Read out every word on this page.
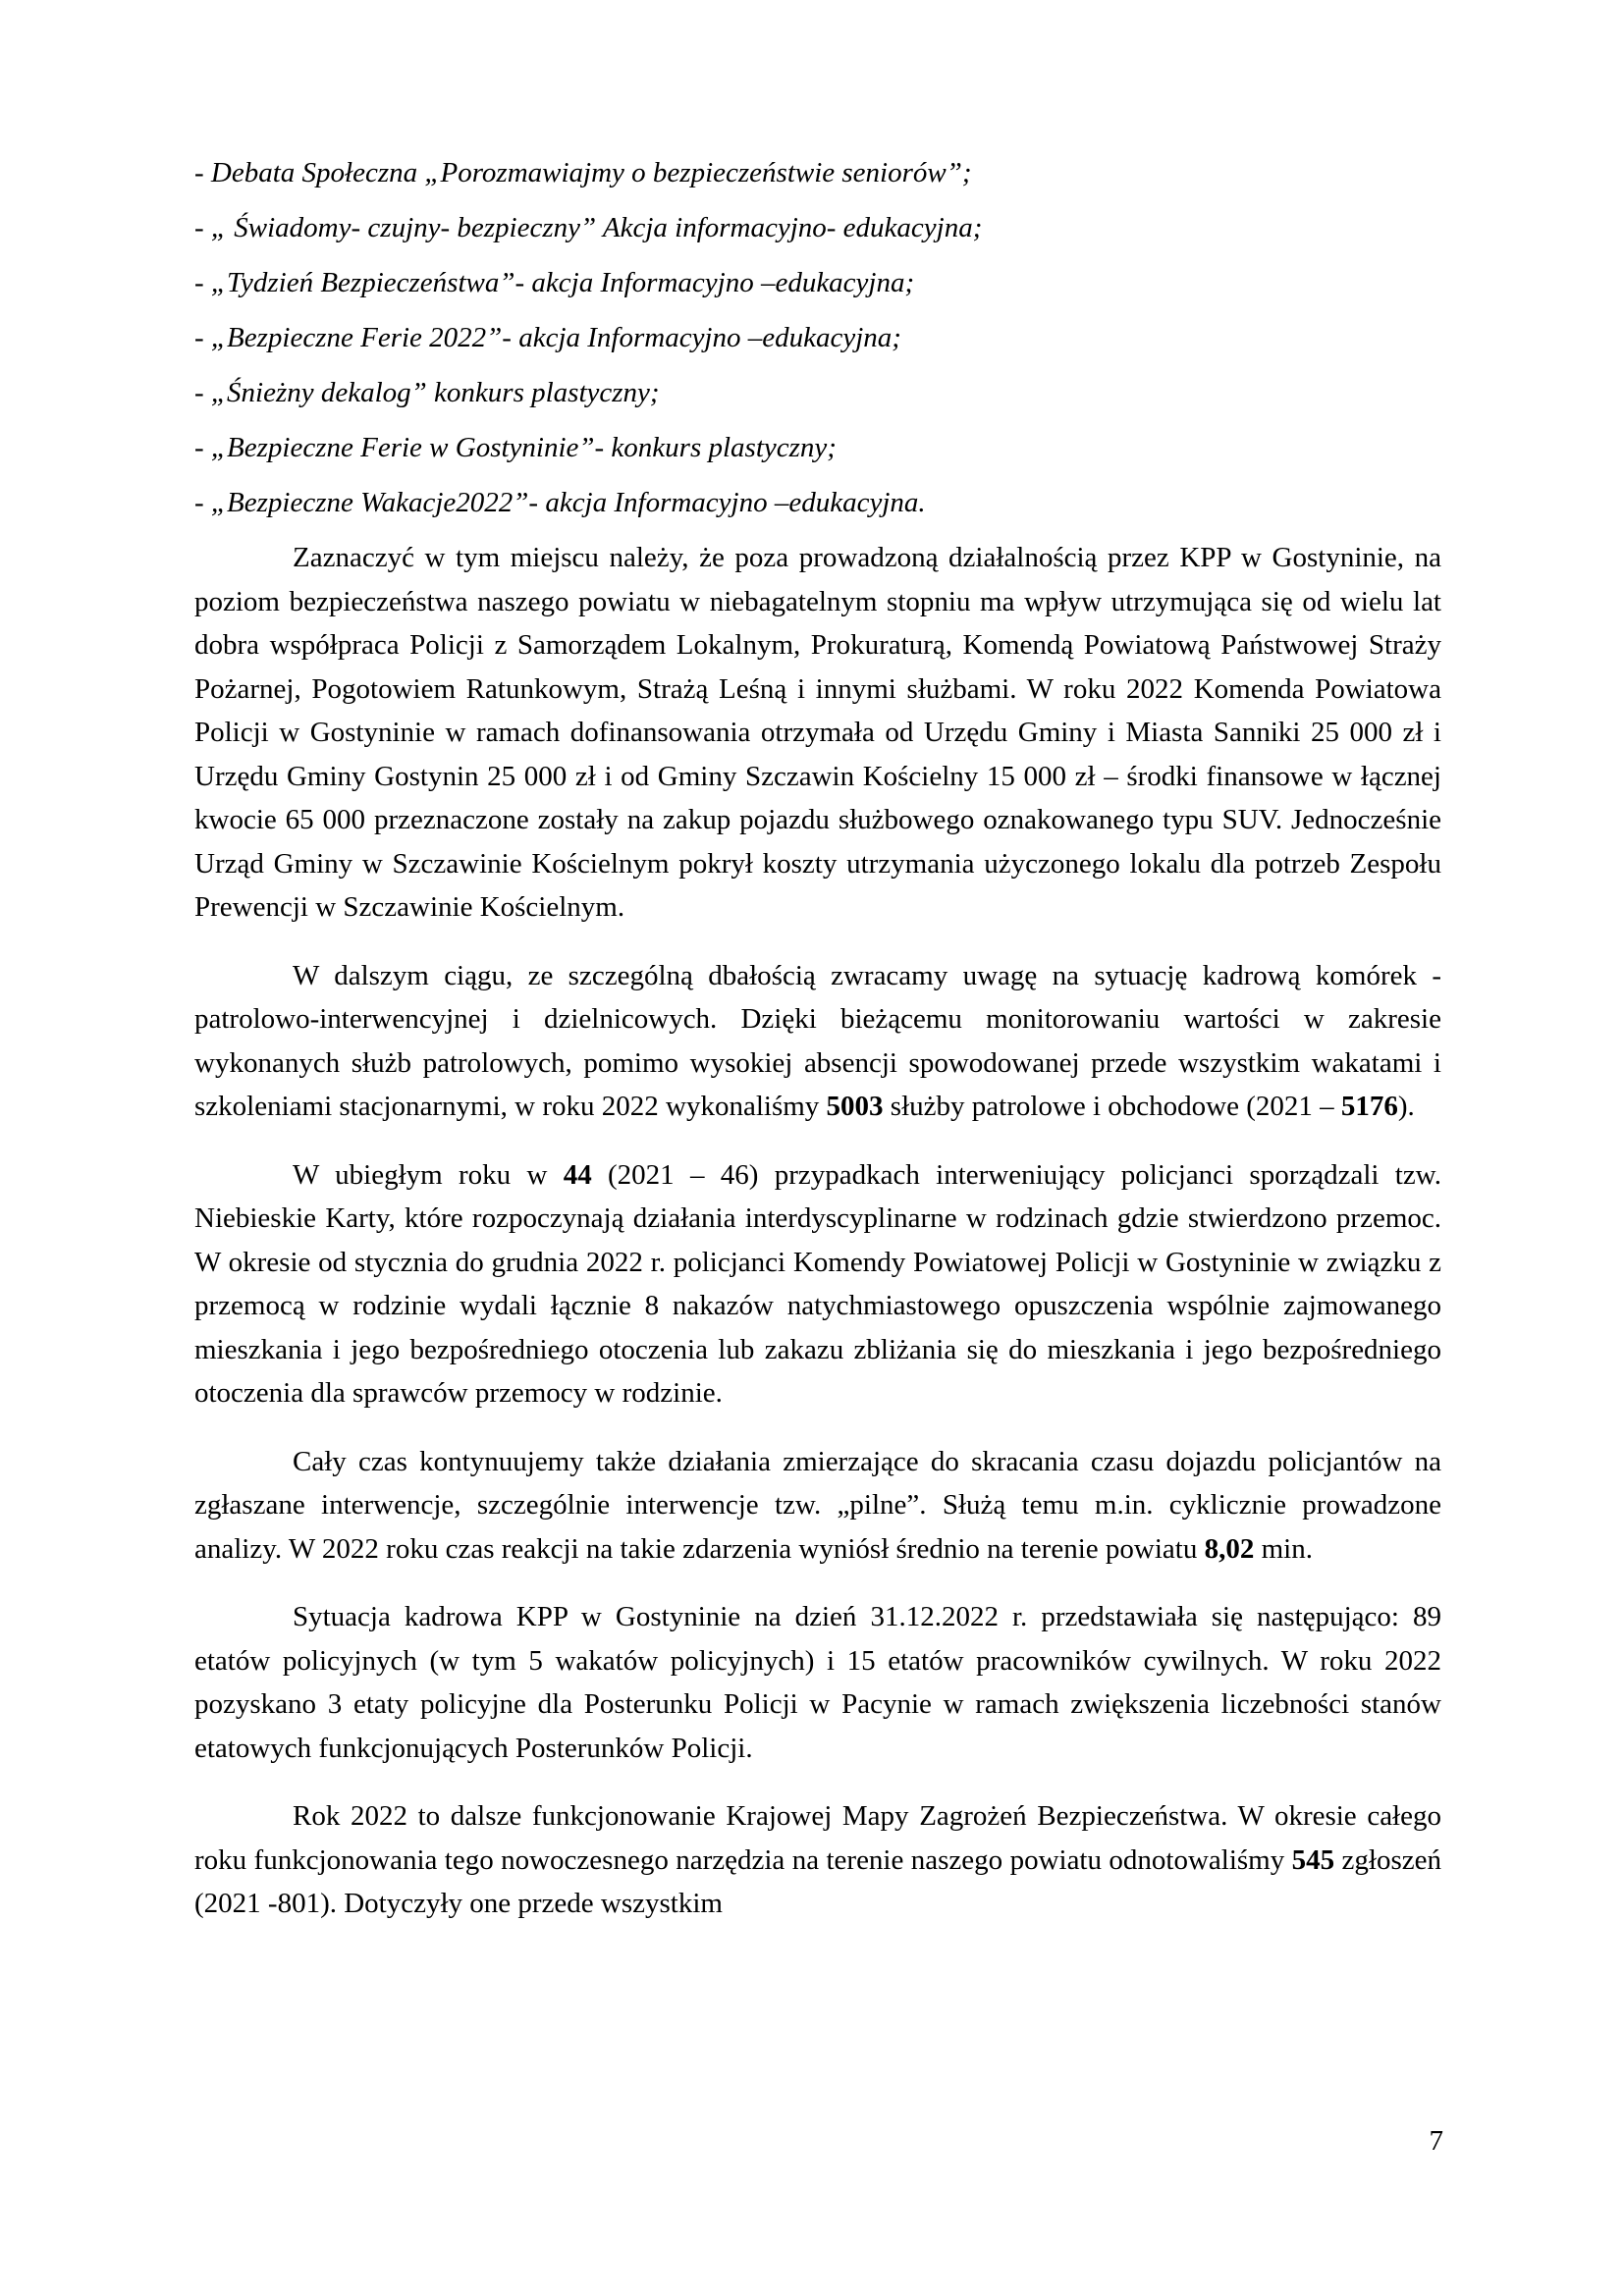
- Debata Społeczna „Porozmawiajmy o bezpieczeństwie seniorów”;
- „ Świadomy- czujny- bezpieczny” Akcja informacyjno- edukacyjna;
- „Tydzień Bezpieczeństwa”- akcja Informacyjno –edukacyjna;
- „Bezpieczne Ferie 2022”- akcja Informacyjno –edukacyjna;
- „Śnieżny dekalog” konkurs plastyczny;
- „Bezpieczne Ferie w Gostyninie”- konkurs plastyczny;
- „Bezpieczne Wakacje2022”- akcja Informacyjno –edukacyjna.

Zaznaczyć w tym miejscu należy, że poza prowadzoną działalnością przez KPP w Gostyninie, na poziom bezpieczeństwa naszego powiatu w niebagatelnym stopniu ma wpływ utrzymująca się od wielu lat dobra współpraca Policji z Samorządem Lokalnym, Prokuraturą, Komendą Powiatową Państwowej Straży Pożarnej, Pogotowiem Ratunkowym, Strażą Leśną i innymi służbami. W roku 2022 Komenda Powiatowa Policji w Gostyninie w ramach dofinansowania otrzymała od Urzędu Gminy i Miasta Sanniki 25 000 zł i Urzędu Gminy Gostynin 25 000 zł i od Gminy Szczawin Kościelny 15 000 zł – środki finansowe w łącznej kwocie 65 000 przeznaczone zostały na zakup pojazdu służbowego oznakowanego typu SUV. Jednocześnie Urząd Gminy w Szczawinie Kościelnym pokrył koszty utrzymania użyczonego lokalu dla potrzeb Zespołu Prewencji w Szczawinie Kościelnym.

W dalszym ciągu, ze szczególną dbałością zwracamy uwagę na sytuację kadrową komórek - patrolowo-interwencyjnej i dzielnicowych. Dzięki bieżącemu monitorowaniu wartości w zakresie wykonanych służb patrolowych, pomimo wysokiej absencji spowodowanej przede wszystkim wakatami i szkoleniami stacjonarnymi, w roku 2022 wykonaliśmy 5003 służby patrolowe i obchodowe (2021 – 5176).

W ubiegłym roku w 44 (2021 – 46) przypadkach interweniujący policjanci sporządzali tzw. Niebieskie Karty, które rozpoczynają działania interdyscyplinarne w rodzinach gdzie stwierdzono przemoc. W okresie od stycznia do grudnia 2022 r. policjanci Komendy Powiatowej Policji w Gostyninie w związku z przemocą w rodzinie wydali łącznie 8 nakazów natychmiastowego opuszczenia wspólnie zajmowanego mieszkania i jego bezpośredniego otoczenia lub zakazu zbliżania się do mieszkania i jego bezpośredniego otoczenia dla sprawców przemocy w rodzinie.

Cały czas kontynuujemy także działania zmierzające do skracania czasu dojazdu policjantów na zgłaszane interwencje, szczególnie interwencje tzw. „pilne”. Służą temu m.in. cyklicznie prowadzone analizy. W 2022 roku czas reakcji na takie zdarzenia wyniósł średnio na terenie powiatu 8,02 min.

Sytuacja kadrowa KPP w Gostyninie na dzień 31.12.2022 r. przedstawiała się następująco: 89 etatów policyjnych (w tym 5 wakatów policyjnych) i 15 etatów pracowników cywilnych. W roku 2022 pozyskano 3 etaty policyjne dla Posterunku Policji w Pacynie w ramach zwiększenia liczebności stanów etatowych funkcjonujących Posterunków Policji.

Rok 2022 to dalsze funkcjonowanie Krajowej Mapy Zagrożeń Bezpieczeństwa. W okresie całego roku funkcjonowania tego nowoczesnego narzędzia na terenie naszego powiatu odnotowaliśmy 545 zgłoszeń (2021 -801). Dotyczyły one przede wszystkim

7
